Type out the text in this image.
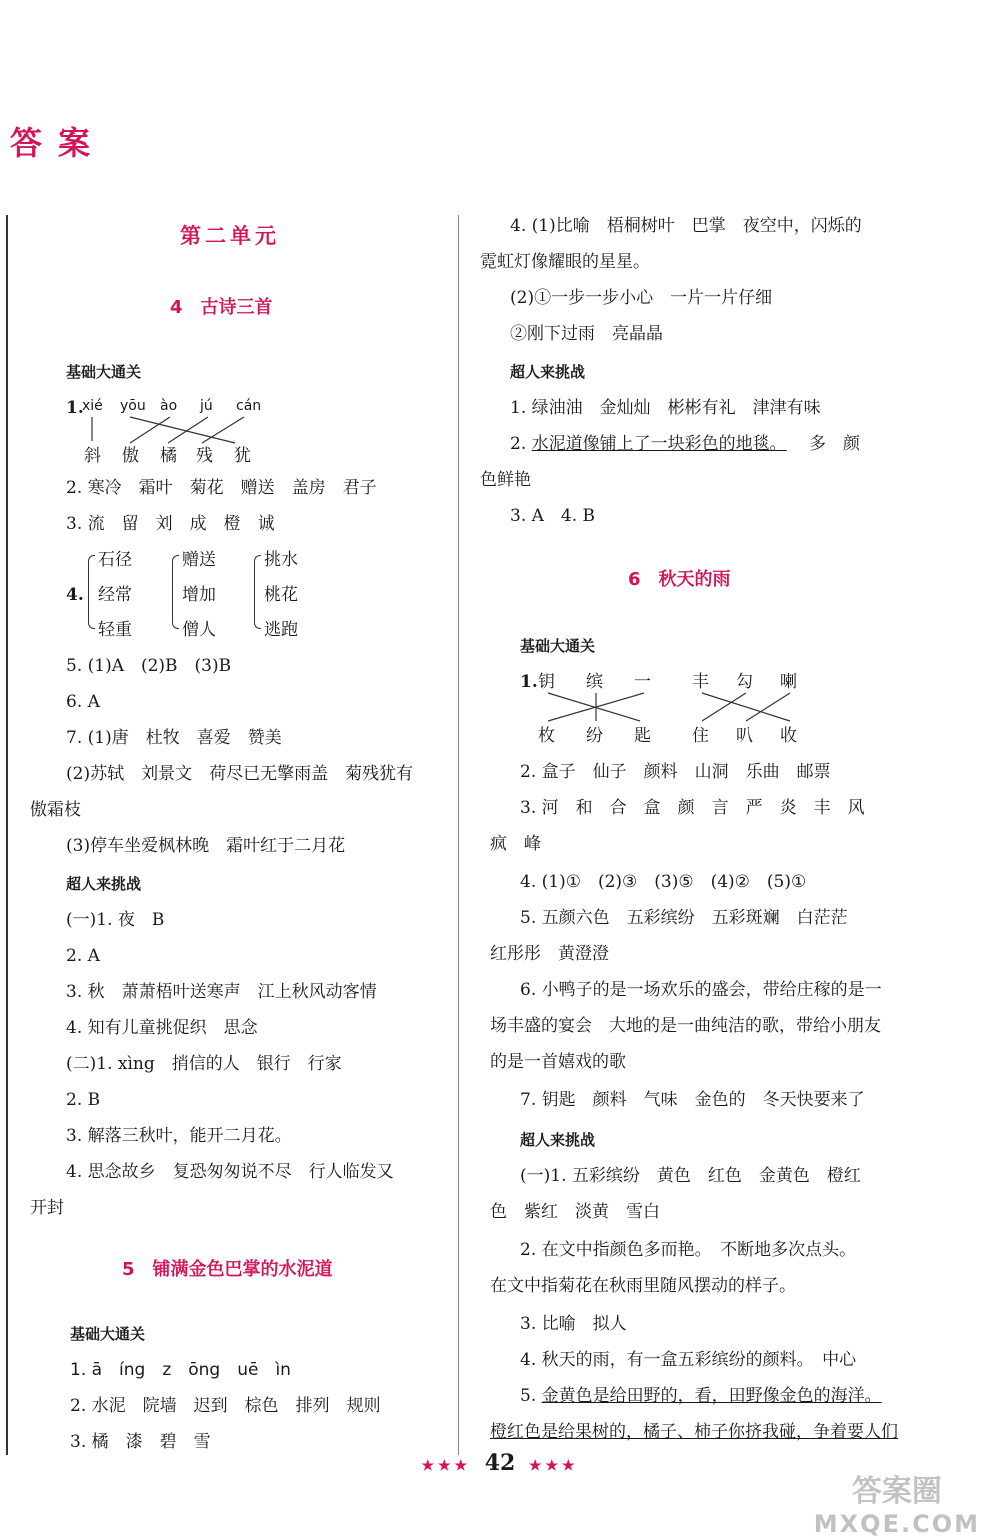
答案
第二单元
4　古诗三首
基础大通关
1.
xié yōu ào jú cán
斜 傲 橘 残 犹
2. 寒冷　霜叶　菊花　赠送　盖房　君子
3. 流　留　刘　成　橙　诚
4.
石径
经常
轻重
赠送
增加
僧人
挑水
桃花
逃跑
5. (1)A　(2)B　(3)B
6. A
7. (1)唐　杜牧　喜爱　赞美
(2)苏轼　刘景文　荷尽已无擎雨盖　菊残犹有
傲霜枝
(3)停车坐爱枫林晚　霜叶红于二月花
超人来挑战
(一)1. 夜　B
2. A
3. 秋　萧萧梧叶送寒声　江上秋风动客情
4. 知有儿童挑促织　思念
(二)1. xìng　捎信的人　银行　行家
2. B
3. 解落三秋叶，能开二月花。
4. 思念故乡　复恐匆匆说不尽　行人临发又
开封
5　铺满金色巴掌的水泥道
基础大通关
1. ā　íng　z　ōng　uē　ìn
2. 水泥　院墙　迟到　棕色　排列　规则
3. 橘　漆　碧　雪
4. (1)比喻　梧桐树叶　巴掌　夜空中，闪烁的
霓虹灯像耀眼的星星。
(2)①一步一步小心　一片一片仔细
②刚下过雨　亮晶晶
超人来挑战
1. 绿油油　金灿灿　彬彬有礼　津津有味
2. 水泥道像铺上了一块彩色的地毯。 　多　颜
色鲜艳
3. A　4. B
6　秋天的雨
基础大通关
1. 钥 缤 一 丰 勾 喇
枚 纷 匙 住 叭 收
2. 盒子　仙子　颜料　山洞　乐曲　邮票
3. 河　和　合　盒　颜　言　严　炎　丰　风
疯　峰
4. (1)①　(2)③　(3)⑤　(4)②　(5)①
5. 五颜六色　五彩缤纷　五彩斑斓　白茫茫
红彤彤　黄澄澄
6. 小鸭子的是一场欢乐的盛会，带给庄稼的是一
场丰盛的宴会　大地的是一曲纯洁的歌，带给小朋友
的是一首嬉戏的歌
7. 钥匙　颜料　气味　金色的　冬天快要来了
超人来挑战
(一)1. 五彩缤纷　黄色　红色　金黄色　橙红
色　紫红　淡黄　雪白
2. 在文中指颜色多而艳。　不断地多次点头。
在文中指菊花在秋雨里随风摆动的样子。
3. 比喻　拟人
4. 秋天的雨，有一盒五彩缤纷的颜料。　中心
5. 金黄色是给田野的，看，田野像金色的海洋。
橙红色是给果树的，橘子、柿子你挤我碰，争着要人们
★★★ 42 ★★★
答案圈
MXQE.COM
